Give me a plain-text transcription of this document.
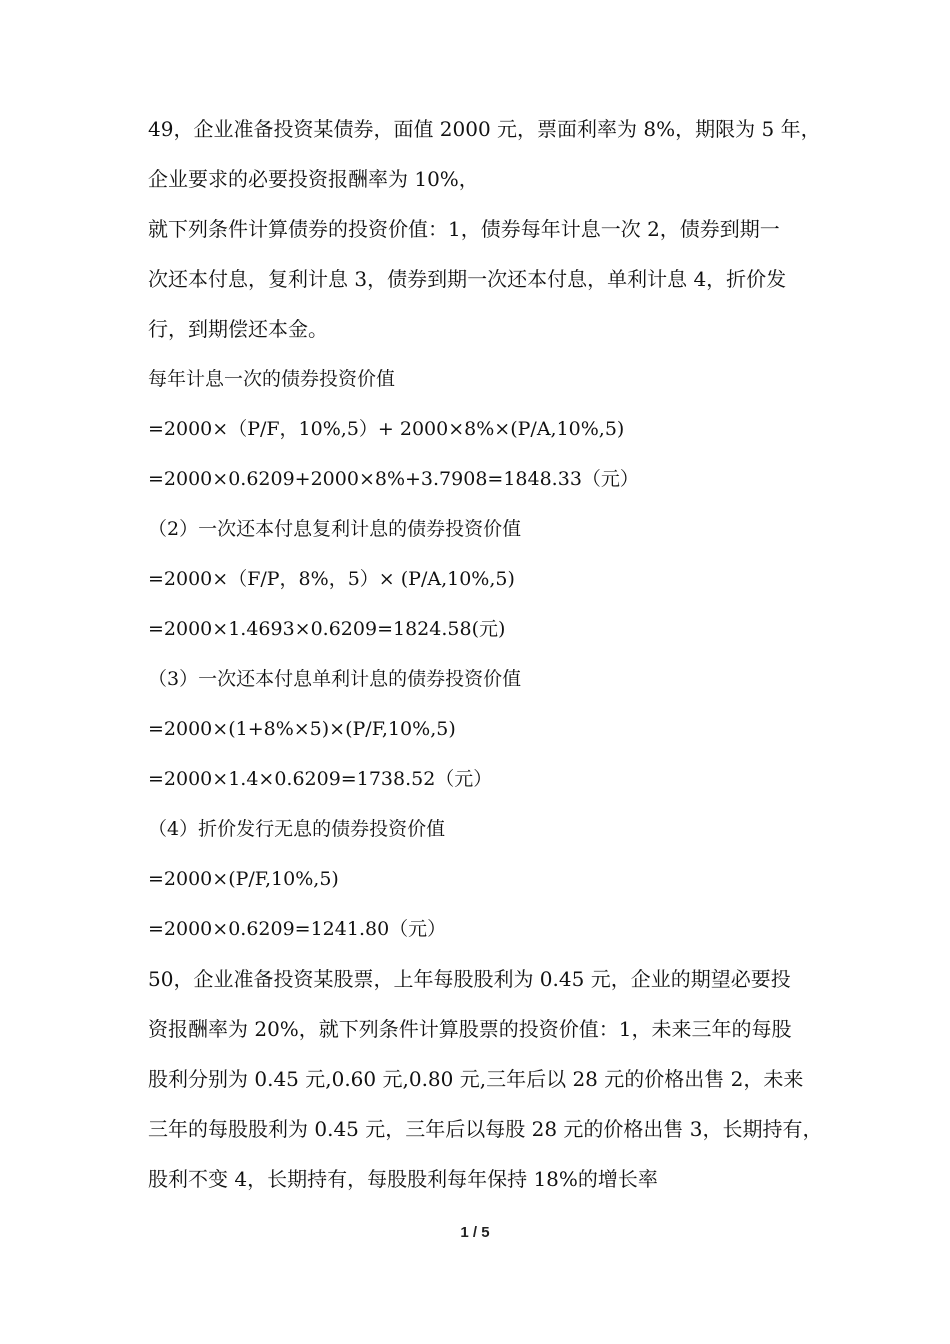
49，企业准备投资某债券，面值 2000 元，票面利率为 8%，期限为 5 年，
企业要求的必要投资报酬率为 10%，
就下列条件计算债券的投资价值：1，债券每年计息一次 2，债券到期一
次还本付息，复利计息 3，债券到期一次还本付息，单利计息 4，折价发
行，到期偿还本金。
每年计息一次的债券投资价值
=2000×（P/F，10%,5）+ 2000×8%×(P/A,10%,5)
=2000×0.6209+2000×8%+3.7908=1848.33（元）
（2）一次还本付息复利计息的债券投资价值
=2000×（F/P，8%，5）× (P/A,10%,5)
=2000×1.4693×0.6209=1824.58(元)
（3）一次还本付息单利计息的债券投资价值
=2000×(1+8%×5)×(P/F,10%,5)
=2000×1.4×0.6209=1738.52（元）
（4）折价发行无息的债券投资价值
=2000×(P/F,10%,5)
=2000×0.6209=1241.80（元）
50，企业准备投资某股票，上年每股股利为 0.45 元，企业的期望必要投
资报酬率为 20%，就下列条件计算股票的投资价值：1，未来三年的每股
股利分别为 0.45 元,0.60 元,0.80 元,三年后以 28 元的价格出售 2，未来
三年的每股股利为 0.45 元，三年后以每股 28 元的价格出售 3，长期持有，
股利不变 4，长期持有，每股股利每年保持 18%的增长率
1 / 5
